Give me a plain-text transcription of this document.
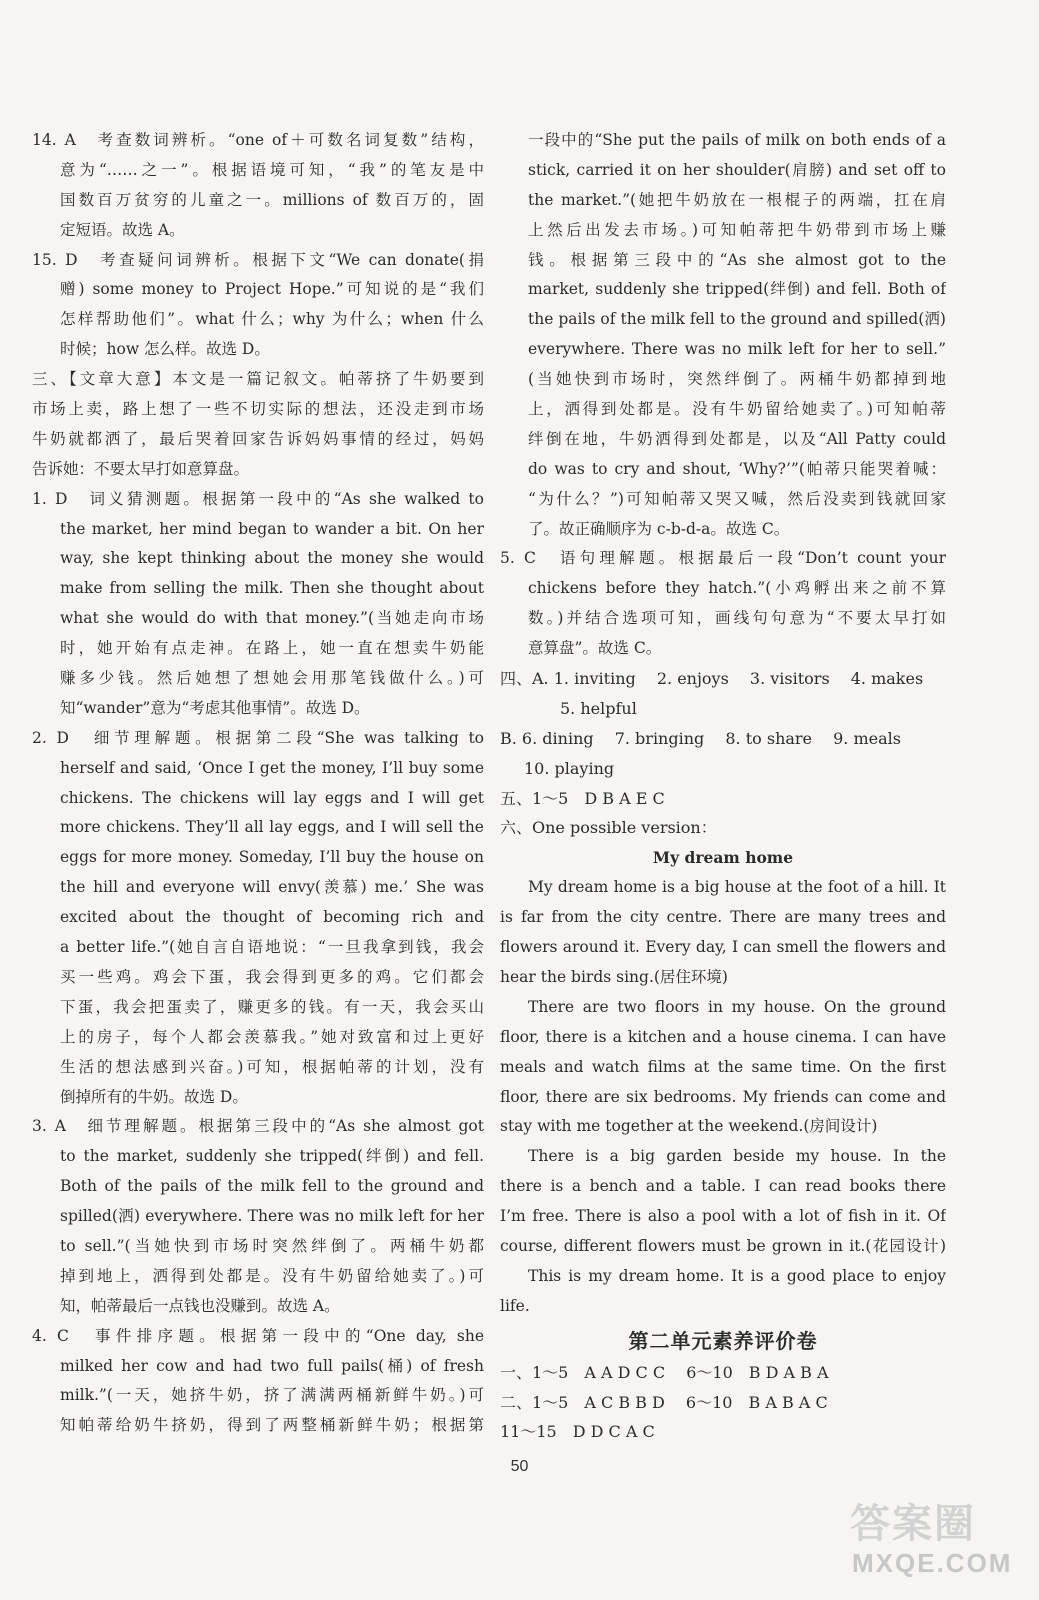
14. A　考查数词辨析。“one of＋可数名词复数”结构，

意为“……之一”。根据语境可知，“我”的笔友是中

国数百万贫穷的儿童之一。millions of 数百万的，固

定短语。故选 A。

15. D　考查疑问词辨析。根据下文“We can donate(捐

赠) some money to Project Hope.”可知说的是“我们

怎样帮助他们”。what 什么；why 为什么；when 什么

时候；how 怎么样。故选 D。

三、【文章大意】本文是一篇记叙文。帕蒂挤了牛奶要到

市场上卖，路上想了一些不切实际的想法，还没走到市场

牛奶就都洒了，最后哭着回家告诉妈妈事情的经过，妈妈

告诉她：不要太早打如意算盘。

1. D　词义猜测题。根据第一段中的“As she walked to

the market, her mind began to wander a bit. On her

way, she kept thinking about the money she would

make from selling the milk. Then she thought about

what she would do with that money.”(当她走向市场

时，她开始有点走神。在路上，她一直在想卖牛奶能

赚多少钱。然后她想了想她会用那笔钱做什么。)可

知“wander”意为“考虑其他事情”。故选 D。

2. D　细节理解题。根据第二段“She was talking to

herself and said, ‘Once I get the money, I’ll buy some

chickens. The chickens will lay eggs and I will get

more chickens. They’ll all lay eggs, and I will sell the

eggs for more money. Someday, I’ll buy the house on

the hill and everyone will envy(羡慕) me.’ She was

excited about the thought of becoming rich and

a better life.”(她自言自语地说：“一旦我拿到钱，我会

买一些鸡。鸡会下蛋，我会得到更多的鸡。它们都会

下蛋，我会把蛋卖了，赚更多的钱。有一天，我会买山

上的房子，每个人都会羡慕我。”她对致富和过上更好

生活的想法感到兴奋。)可知，根据帕蒂的计划，没有

倒掉所有的牛奶。故选 D。

3. A　细节理解题。根据第三段中的“As she almost got

to the market, suddenly she tripped(绊倒) and fell.

Both of the pails of the milk fell to the ground and

spilled(洒) everywhere. There was no milk left for her

to sell.”(当她快到市场时突然绊倒了。两桶牛奶都

掉到地上，洒得到处都是。没有牛奶留给她卖了。)可

知，帕蒂最后一点钱也没赚到。故选 A。

4. C　事件排序题。根据第一段中的“One day, she

milked her cow and had two full pails(桶) of fresh

milk.”(一天，她挤牛奶，挤了满满两桶新鲜牛奶。)可

知帕蒂给奶牛挤奶，得到了两整桶新鲜牛奶；根据第

一段中的“She put the pails of milk on both ends of a

stick, carried it on her shoulder(肩膀) and set off to

the market.”(她把牛奶放在一根棍子的两端，扛在肩

上然后出发去市场。)可知帕蒂把牛奶带到市场上赚

钱。根据第三段中的“As she almost got to the

market, suddenly she tripped(绊倒) and fell. Both of

the pails of the milk fell to the ground and spilled(洒)

everywhere. There was no milk left for her to sell.”

(当她快到市场时，突然绊倒了。两桶牛奶都掉到地

上，洒得到处都是。没有牛奶留给她卖了。)可知帕蒂

绊倒在地，牛奶洒得到处都是，以及“All Patty could

do was to cry and shout, ‘Why?’”(帕蒂只能哭着喊：

“为什么？”)可知帕蒂又哭又喊，然后没卖到钱就回家

了。故正确顺序为 c-b-d-a。故选 C。

5. C　语句理解题。根据最后一段“Don’t count your

chickens before they hatch.”(小鸡孵出来之前不算

数。)并结合选项可知，画线句句意为“不要太早打如

意算盘”。故选 C。

四、A. 1. inviting　 2. enjoys　 3. visitors　 4. makes

5. helpful

B. 6. dining　 7. bringing　 8. to share　 9. meals

10. playing

五、1～5　D B A E C

六、One possible version：

My dream home

My dream home is a big house at the foot of a hill. It

is far from the city centre. There are many trees and

flowers around it. Every day, I can smell the flowers and

hear the birds sing.(居住环境)

There are two floors in my house. On the ground

floor, there is a kitchen and a house cinema. I can have

meals and watch films at the same time. On the first

floor, there are six bedrooms. My friends can come and

stay with me together at the weekend.(房间设计)

There is a big garden beside my house. In the

there is a bench and a table. I can read books there

I’m free. There is also a pool with a lot of fish in it. Of

course, different flowers must be grown in it.(花园设计)

This is my dream home. It is a good place to enjoy

life.

第二单元素养评价卷

一、1～5　A A D C C　 6～10　B D A B A

二、1～5　A C B B D　 6～10　B A B A C

11～15　D D C A C

50
答案圈
MXQE.COM
